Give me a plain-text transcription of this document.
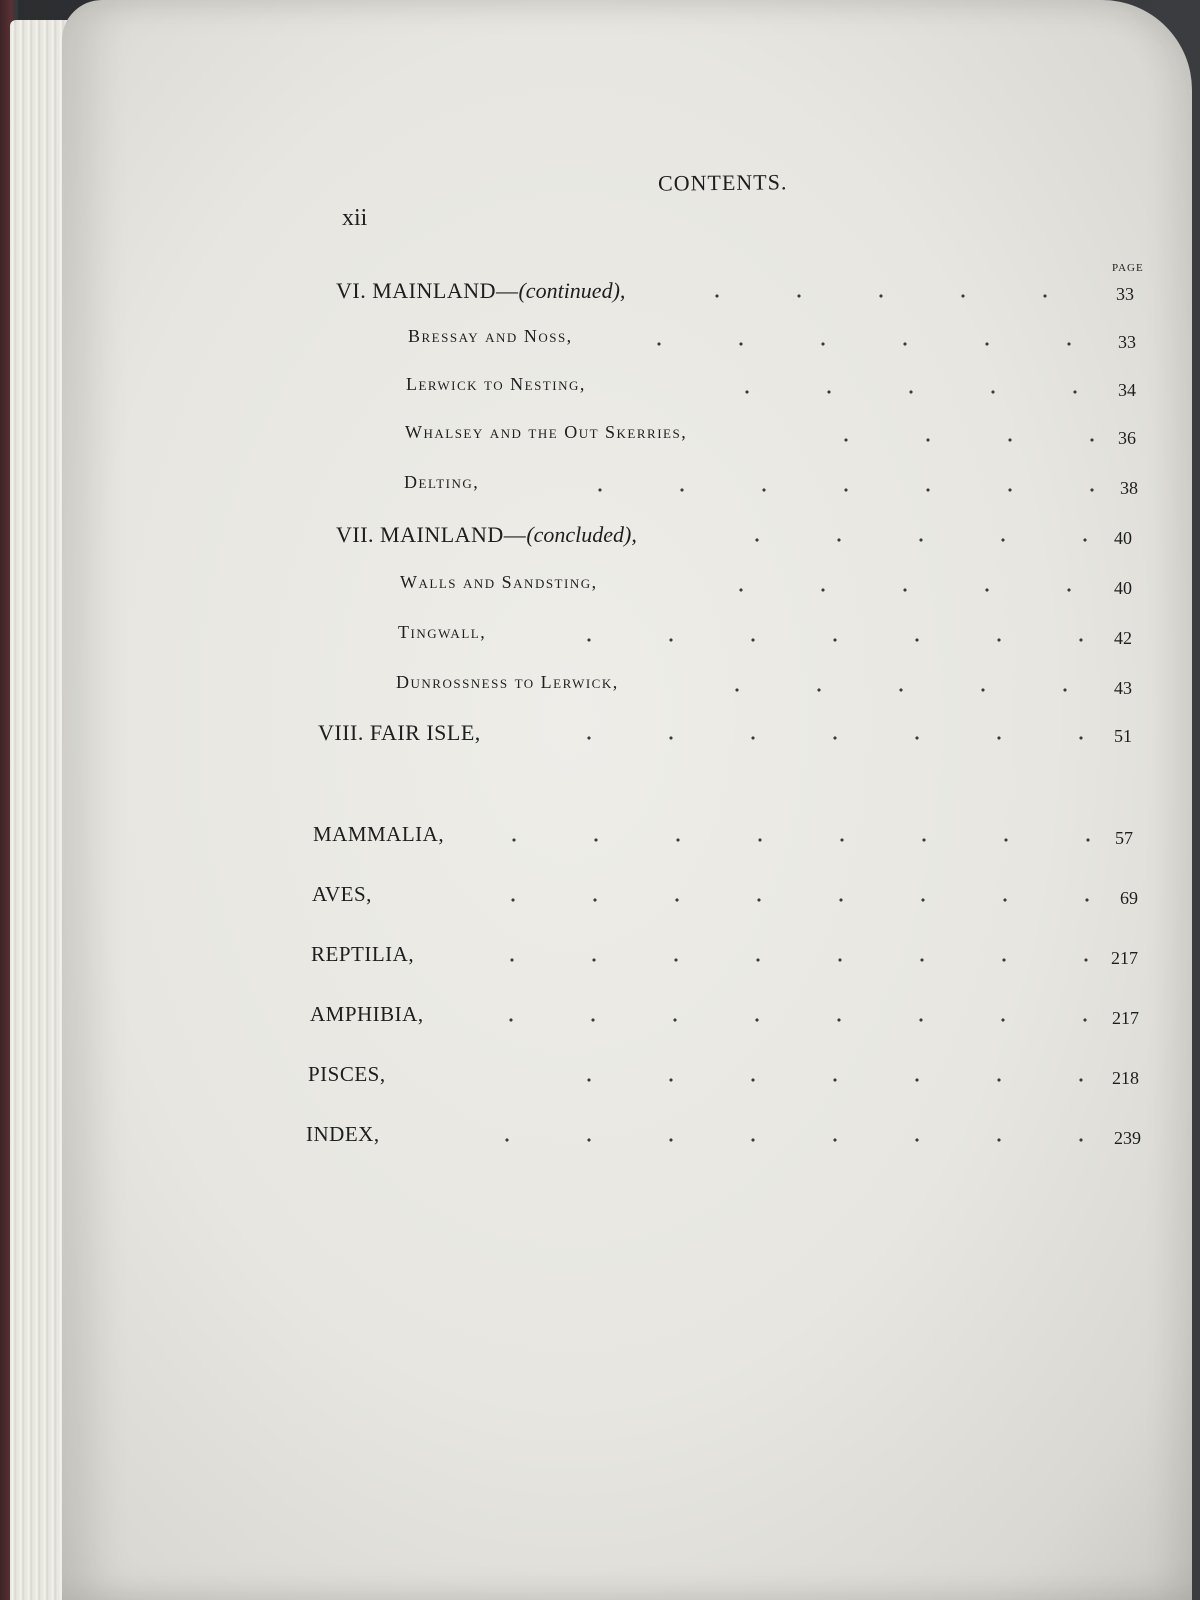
CONTENTS.
xii
PAGE
VI. MAINLAND—(continued),	33
Bressay and Noss,	33
Lerwick to Nesting,	34
Whalsey and the Out Skerries,	36
Delting,	38
VII. MAINLAND—(concluded),	40
Walls and Sandsting,	40
Tingwall,	42
Dunrossness to Lerwick,	43
VIII. FAIR ISLE,	51
MAMMALIA,	57
AVES,	69
REPTILIA,	217
AMPHIBIA,	217
PISCES,	218
INDEX,	239
